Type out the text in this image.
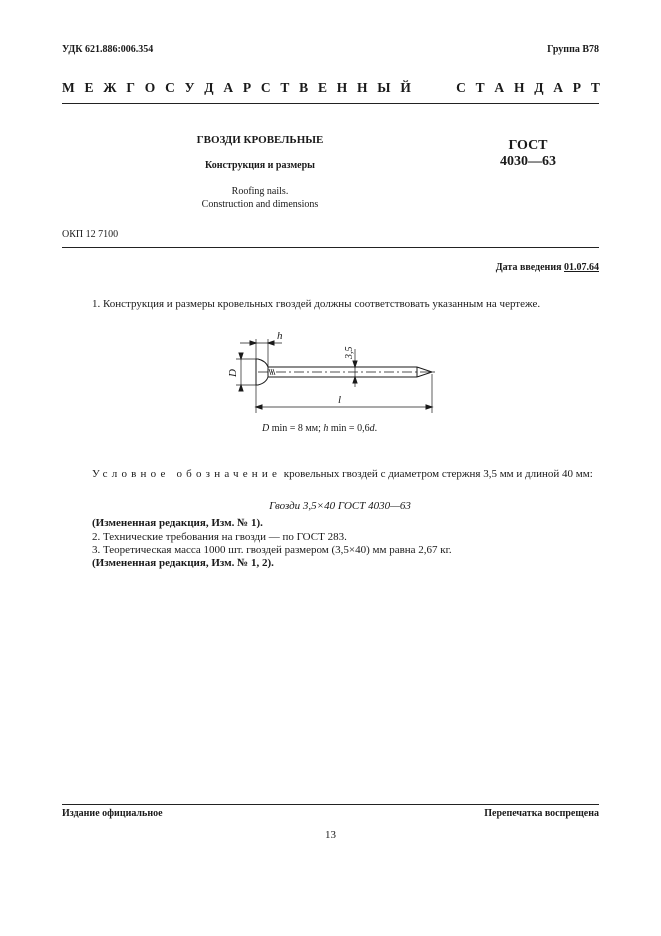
УДК 621.886:006.354	Группа В78
М Е Ж Г О С У Д А Р С Т В Е Н Н Ы Й	С Т А Н Д А Р Т
ГВОЗДИ КРОВЕЛЬНЫЕ
Конструкция и размеры
Roofing nails.
Construction and dimensions
ГОСТ
4030—63
ОКП 12 7100
Дата введения 01.07.64
1. Конструкция и размеры кровельных гвоздей должны соответствовать указанным на чертеже.
h
D
3,5
l
D min = 8 мм; h min = 0,6d.
Условное обозначение кровельных гвоздей с диаметром стержня 3,5 мм и длиной 40 мм:
Гвозди 3,5×40 ГОСТ 4030—63
(Измененная редакция, Изм. № 1).
2. Технические требования на гвозди — по ГОСТ 283.
3. Теоретическая масса 1000 шт. гвоздей размером (3,5×40) мм равна 2,67 кг.
(Измененная редакция, Изм. № 1, 2).
Издание официальное	Перепечатка воспрещена
13
